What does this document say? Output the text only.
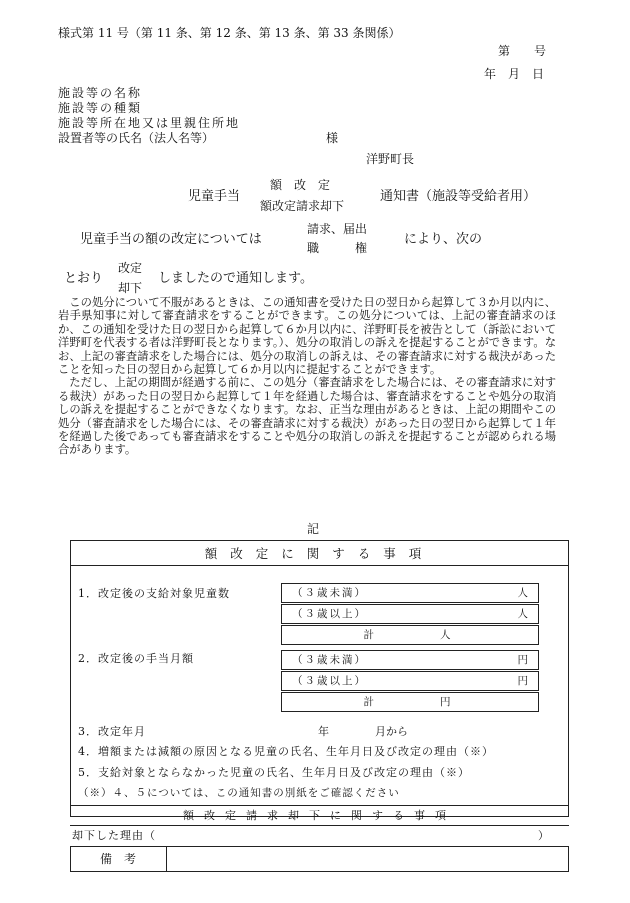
様式第 11 号（第 11 条、第 12 条、第 13 条、第 33 条関係）
第　　号
年　月　日
施設等の名称
施設等の種類
施設等所在地又は里親住所地
設置者等の氏名（法人名等）	様
洋野町長
児童手当
額　改　定
額改定請求却下
通知書（施設等受給者用）
児童手当の額の改定については
請求、届出
職　　　権
により、次の
とおり
改定
却下
しましたので通知します。

この処分について不服があるときは、この通知書を受けた日の翌日から起算して３か月以内に、岩手県知事に対して審査請求をすることができます。この処分については、上記の審査請求のほか、この通知を受けた日の翌日から起算して６か月以内に、洋野町長を被告として（訴訟において洋野町を代表する者は洋野町長となります。）、処分の取消しの訴えを提起することができます。なお、上記の審査請求をした場合には、処分の取消しの訴えは、その審査請求に対する裁決があったことを知った日の翌日から起算して６か月以内に提起することができます。

ただし、上記の期間が経過する前に、この処分（審査請求をした場合には、その審査請求に対する裁決）があった日の翌日から起算して１年を経過した場合は、審査請求をすることや処分の取消しの訴えを提起することができなくなります。なお、正当な理由があるときは、上記の期間やこの処分（審査請求をした場合には、その審査請求に対する裁決）があった日の翌日から起算して１年を経過した後であっても審査請求をすることや処分の取消しの訴えを提起することが認められる場合があります。

記
額改定に関する事項
1．改定後の支給対象児童数	（３歳未満）	人
（３歳以上）	人
計	人
2．改定後の手当月額	（３歳未満）	円
（３歳以上）	円
計	円
3．改定年月	年	月から
4．増額または減額の原因となる児童の氏名、生年月日及び改定の理由（※）
5．支給対象とならなかった児童の氏名、生年月日及び改定の理由（※）
（※）４、５については、この通知書の別紙をご確認ください
額改定請求却下に関する事項
却下した理由（	）
備　考
